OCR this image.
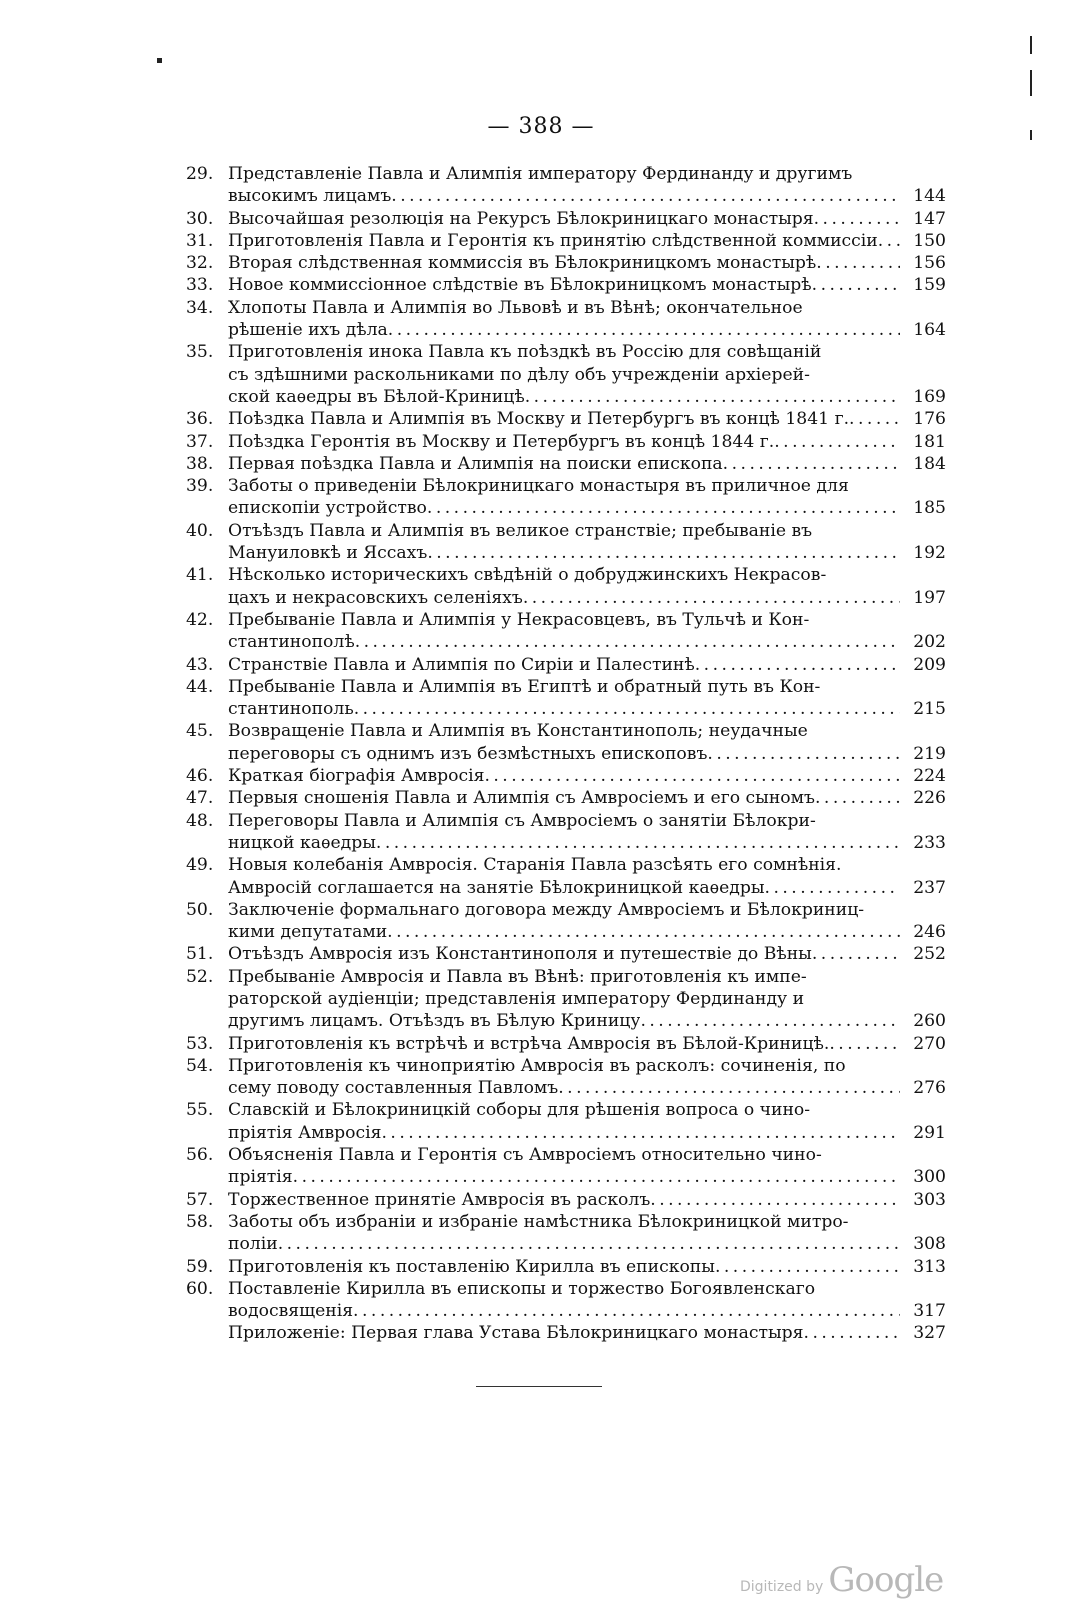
— 388 —
29. Представленіе Павла и Алимпія императору Фердинанду и другимъ
высокимъ лицамъ . . .	144
30. Высочайшая резолюція на Рекурсъ Бѣлокриницкаго монастыря . . .	147
31. Приготовленія Павла и Геронтія къ принятію слѣдственной коммиссіи . . .	150
32. Вторая слѣдственная коммиссія въ Бѣлокриницкомъ монастырѣ . . .	156
33. Новое коммиссіонное слѣдствіе въ Бѣлокриницкомъ монастырѣ . . .	159
34. Хлопоты Павла и Алимпія во Львовѣ и въ Вѣнѣ; окончательное
рѣшеніе ихъ дѣла . . .	164
35. Приготовленія инока Павла къ поѣздкѣ въ Россію для совѣщаній
съ здѣшними раскольниками по дѣлу объ учрежденіи архіерей-
ской каѳедры въ Бѣлой-Криницѣ . . .	169
36. Поѣздка Павла и Алимпія въ Москву и Петербургъ въ концѣ 1841 г. . . .	176
37. Поѣздка Геронтія въ Москву и Петербургъ въ концѣ 1844 г. . . .	181
38. Первая поѣздка Павла и Алимпія на поиски епископа . . .	184
39. Заботы о приведеніи Бѣлокриницкаго монастыря въ приличное для
епископіи устройство . . .	185
40. Отъѣздъ Павла и Алимпія въ великое странствіе; пребываніе въ
Мануиловкѣ и Яссахъ . . .	192
41. Нѣсколько историческихъ свѣдѣній о добруджинскихъ Некрасов-
цахъ и некрасовскихъ селеніяхъ . . .	197
42. Пребываніе Павла и Алимпія у Некрасовцевъ, въ Тульчѣ и Кон-
стантинополѣ . . .	202
43. Странствіе Павла и Алимпія по Сиріи и Палестинѣ . . .	209
44. Пребываніе Павла и Алимпія въ Египтѣ и обратный путь въ Кон-
стантинополь . . .	215
45. Возвращеніе Павла и Алимпія въ Константинополь; неудачные
переговоры съ однимъ изъ безмѣстныхъ епископовъ . . .	219
46. Краткая біографія Амвросія . . .	224
47. Первыя сношенія Павла и Алимпія съ Амвросіемъ и его сыномъ . . .	226
48. Переговоры Павла и Алимпія съ Амвросіемъ о занятіи Бѣлокри-
ницкой каѳедры . . .	233
49. Новыя колебанія Амвросія. Старанія Павла разсѣять его сомнѣнія.
Амвросій соглашается на занятіе Бѣлокриницкой каѳедры . . .	237
50. Заключеніе формальнаго договора между Амвросіемъ и Бѣлокриниц-
кими депутатами . . .	246
51. Отъѣздъ Амвросія изъ Константинополя и путешествіе до Вѣны . . .	252
52. Пребываніе Амвросія и Павла въ Вѣнѣ: приготовленія къ импе-
раторской аудіенціи; представленія императору Фердинанду и
другимъ лицамъ. Отъѣздъ въ Бѣлую Криницу . . .	260
53. Приготовленія къ встрѣчѣ и встрѣча Амвросія въ Бѣлой-Криницѣ. . . .	270
54. Приготовленія къ чиноприятію Амвросія въ расколъ: сочиненія, по
сему поводу составленныя Павломъ . . .	276
55. Славскій и Бѣлокриницкій соборы для рѣшенія вопроса о чино-
пріятія Амвросія . . .	291
56. Объясненія Павла и Геронтія съ Амвросіемъ относительно чино-
пріятія . . .	300
57. Торжественное принятіе Амвросія въ расколъ . . .	303
58. Заботы объ избраніи и избраніе намѣстника Бѣлокриницкой митро-
поліи . . .	308
59. Приготовленія къ поставленію Кирилла въ епископы . . .	313
60. Поставленіе Кирилла въ епископы и торжество Богоявленскаго
водосвященія . . .	317
Приложеніе: Первая глава Устава Бѣлокриницкаго монастыря . . .	327
Digitized by Google
